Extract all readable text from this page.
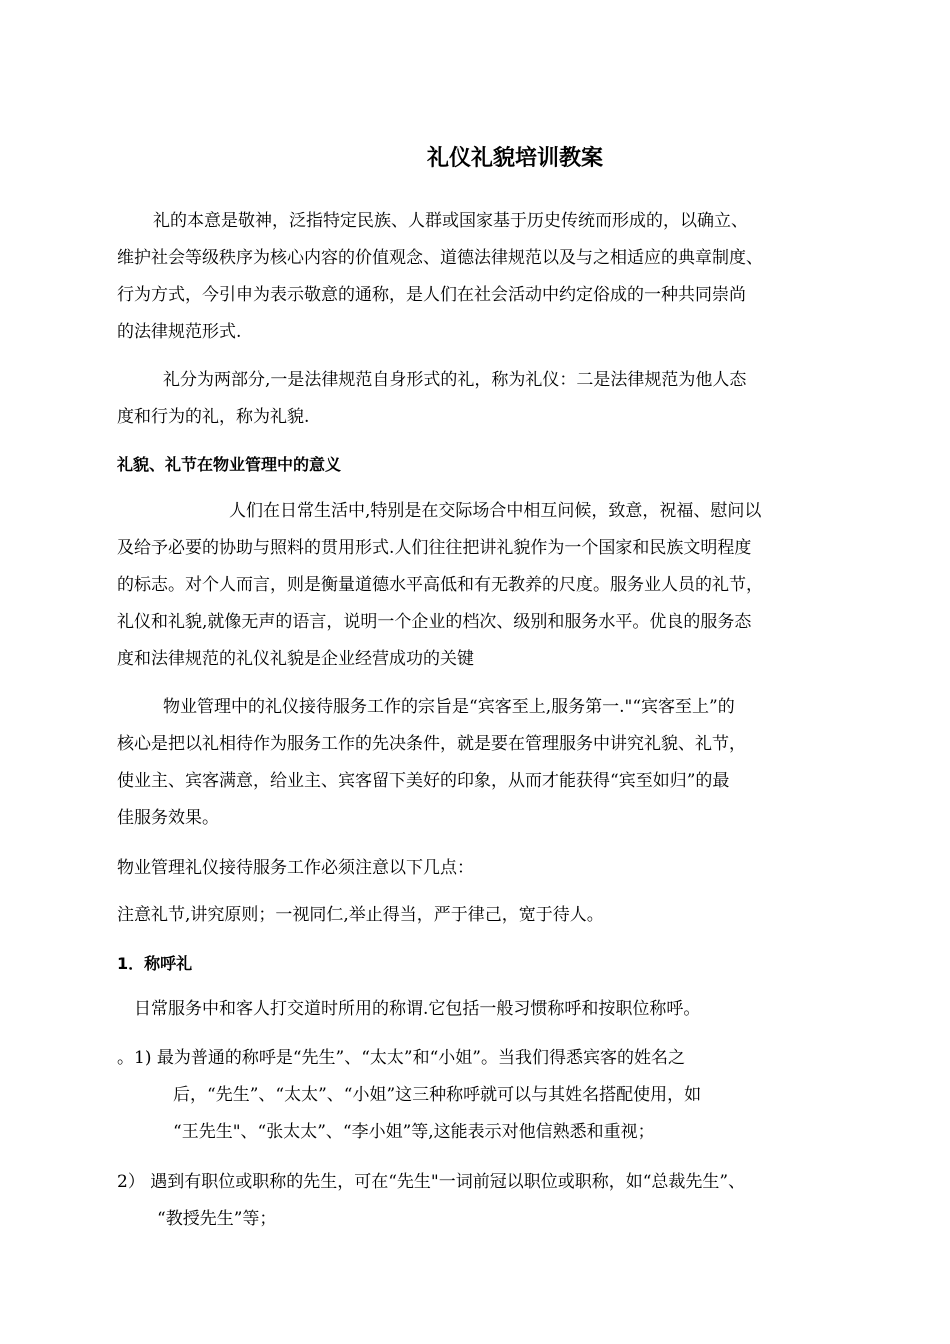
礼仪礼貌培训教案
礼的本意是敬神，泛指特定民族、人群或国家基于历史传统而形成的，以确立、
维护社会等级秩序为核心内容的价值观念、道德法律规范以及与之相适应的典章制度、
行为方式，今引申为表示敬意的通称，是人们在社会活动中约定俗成的一种共同崇尚
的法律规范形式.
礼分为两部分,一是法律规范自身形式的礼，称为礼仪：二是法律规范为他人态
度和行为的礼，称为礼貌.
礼貌、礼节在物业管理中的意义
人们在日常生活中,特别是在交际场合中相互问候，致意，祝福、慰问以
及给予必要的协助与照料的贯用形式.人们往往把讲礼貌作为一个国家和民族文明程度
的标志。对个人而言，则是衡量道德水平高低和有无教养的尺度。服务业人员的礼节，
礼仪和礼貌,就像无声的语言，说明一个企业的档次、级别和服务水平。优良的服务态
度和法律规范的礼仪礼貌是企业经营成功的关键
物业管理中的礼仪接待服务工作的宗旨是“宾客至上,服务第一."“宾客至上”的
核心是把以礼相待作为服务工作的先决条件，就是要在管理服务中讲究礼貌、礼节，
使业主、宾客满意，给业主、宾客留下美好的印象，从而才能获得“宾至如归”的最
佳服务效果。
物业管理礼仪接待服务工作必须注意以下几点：
注意礼节,讲究原则；一视同仁,举止得当，严于律己，宽于待人。
1．称呼礼
日常服务中和客人打交道时所用的称谓.它包括一般习惯称呼和按职位称呼。
。1) 最为普通的称呼是“先生”、“太太”和“小姐”。当我们得悉宾客的姓名之
后，“先生”、“太太”、“小姐”这三种称呼就可以与其姓名搭配使用，如
“王先生"、“张太太”、“李小姐”等,这能表示对他信熟悉和重视；
2） 遇到有职位或职称的先生，可在“先生"一词前冠以职位或职称，如“总裁先生”、
“教授先生”等；
